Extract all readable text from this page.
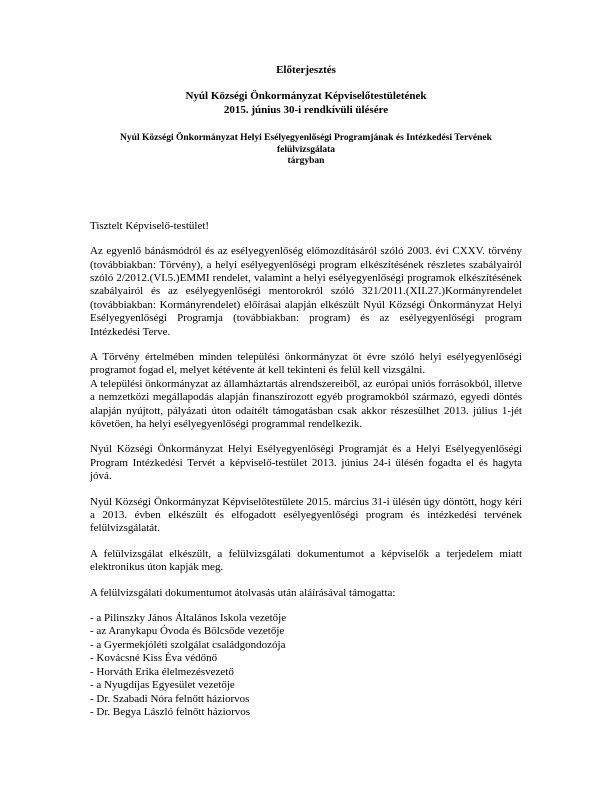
Előterjesztés
Nyúl Községi Önkormányzat Képviselőtestületének
2015. június 30-i rendkívüli ülésére
Nyúl Községi Önkormányzat Helyi Esélyegyenlőségi Programjának és Intézkedési Tervének
felülvizsgálata
tárgyban
Tisztelt Képviselő-testület!

Az egyenlő bánásmódról és az esélyegyenlőség előmozdításáról szóló 2003. évi CXXV. törvény (továbbiakban: Törvény), a helyi esélyegyenlőségi program elkészítésének részletes szabályairól szóló 2/2012.(VI.5.)EMMI rendelet, valamint a helyi esélyegyenlőségi programok elkészítésének szabályairól és az esélyegyenlőségi mentorokról szóló 321/2011.(XII.27.)Kormányrendelet (továbbiakban: Kormányrendelet) előírásai alapján elkészült Nyúl Községi Önkormányzat Helyi Esélyegyenlőségi Programja (továbbiakban: program) és az esélyegyenlőségi program Intézkedési Terve.

A Törvény értelmében minden települési önkormányzat öt évre szóló helyi esélyegyenlőségi programot fogad el, melyet kétévente át kell tekinteni és felül kell vizsgálni.

A települési önkormányzat az államháztartás alrendszereiből, az európai uniós forrásokból, illetve a nemzetközi megállapodás alapján finanszírozott egyéb programokból származó, egyedi döntés alapján nyújtott, pályázati úton odaítélt támogatásban csak akkor részesülhet 2013. július 1-jét követően, ha helyi esélyegyenlőségi programmal rendelkezik.

Nyúl Községi Önkormányzat Helyi Esélyegyenlőségi Programját és a Helyi Esélyegyenlőségi Program Intézkedési Tervét a képviselő-testület 2013. június 24-i ülésén fogadta el és hagyta jóvá.

Nyúl Községi Önkormányzat Képviselőtestülete 2015. március 31-i ülésén úgy döntött, hogy kéri a 2013. évben elkészült és elfogadott esélyegyenlőségi program és intézkedési tervének felülvizsgálatát.

A felülvizsgálat elkészült, a felülvizsgálati dokumentumot a képviselők a terjedelem miatt elektronikus úton kapják meg.

A felülvizsgálati dokumentumot átolvasás után aláírásával támogatta:

- a Pilinszky János Általános Iskola vezetője
- az Aranykapu Óvoda és Bölcsőde vezetője
- a Gyermekjóléti szolgálat családgondozója
- Kovácsné Kiss Éva védőnő
- Horváth Erika élelmezésvezető
- a Nyugdíjas Egyesület vezetője
- Dr. Szabadi Nóra felnőtt háziorvos
- Dr. Begya László felnőtt háziorvos
